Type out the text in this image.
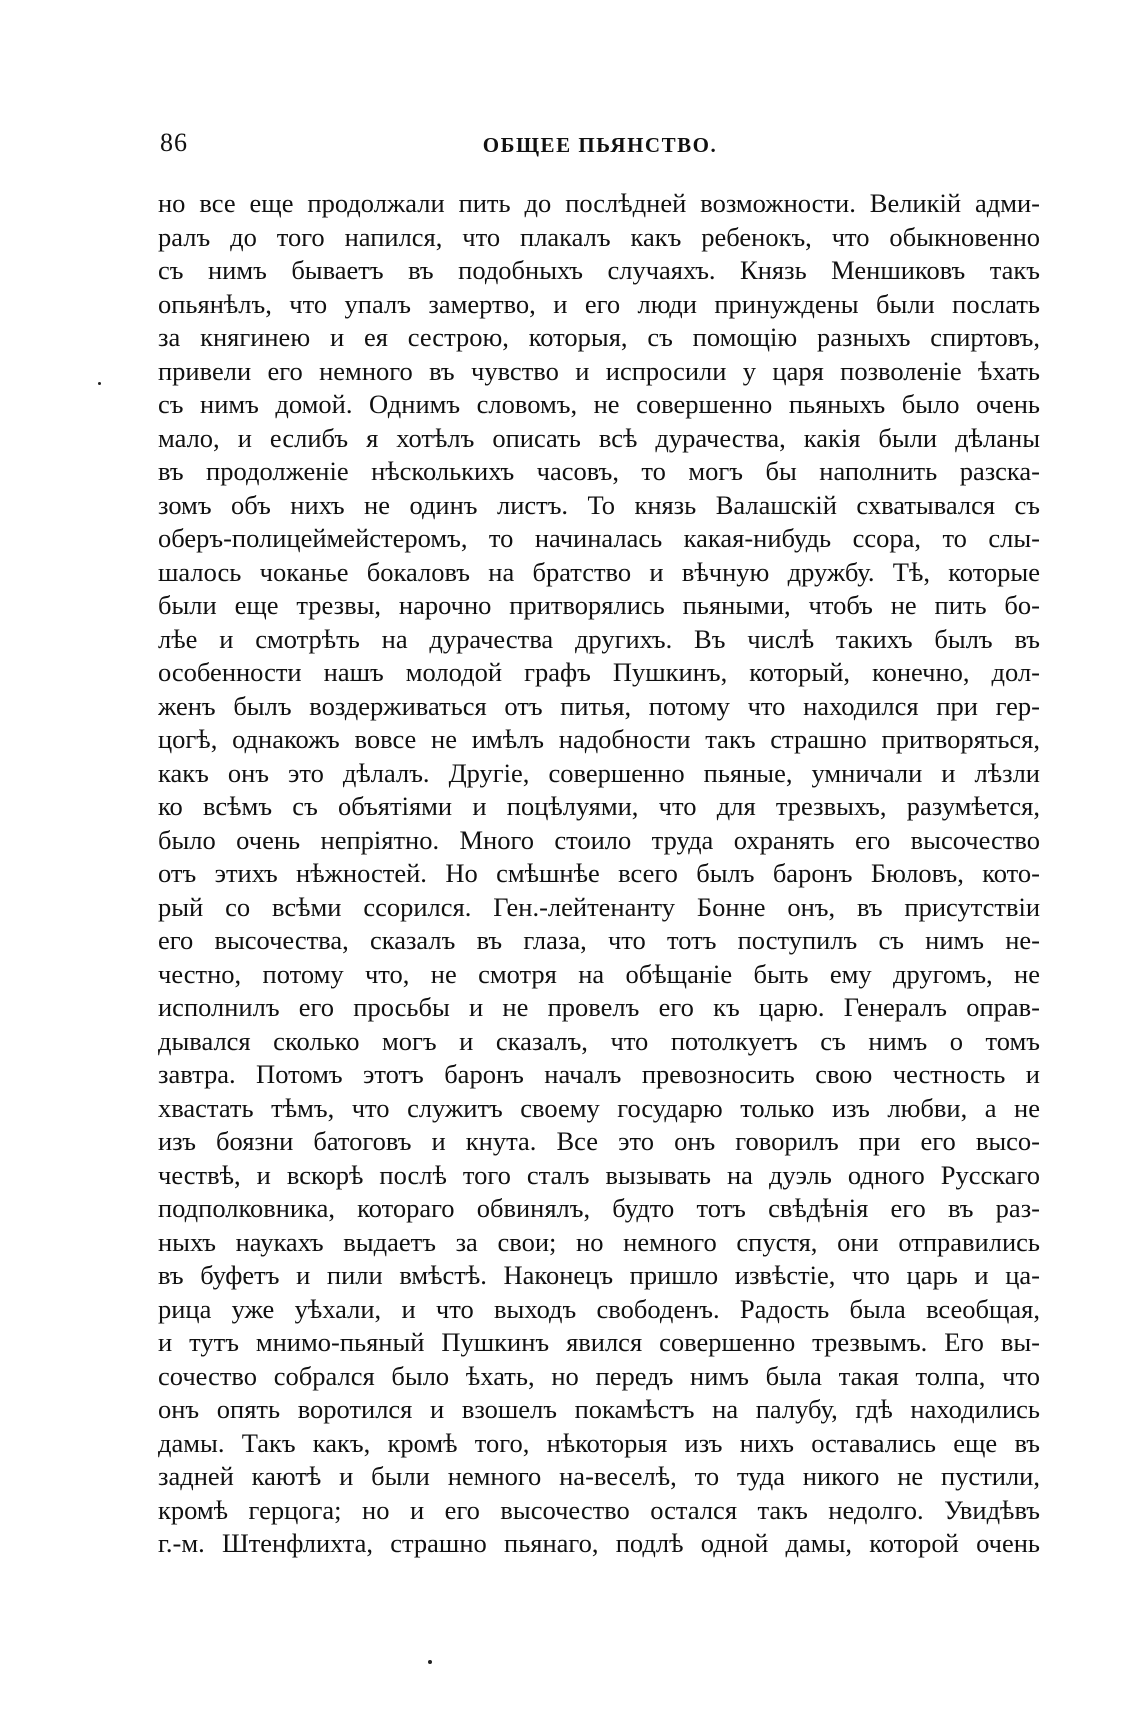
86	ОБЩЕЕ ПЬЯНСТВО.
но все еще продолжали пить до послѣдней возможности. Великій адми-
ралъ до того напился, что плакалъ какъ ребенокъ, что обыкновенно
съ нимъ бываетъ въ подобныхъ случаяхъ. Князь Меншиковъ такъ
опьянѣлъ, что упалъ замертво, и его люди принуждены были послать
за княгинею и ея сестрою, которыя, съ помощію разныхъ спиртовъ,
привели его немного въ чувство и испросили у царя позволеніе ѣхать
съ нимъ домой. Однимъ словомъ, не совершенно пьяныхъ было очень
мало, и еслибъ я хотѣлъ описать всѣ дурачества, какія были дѣланы
въ продолженіе нѣсколькихъ часовъ, то могъ бы наполнить разска-
зомъ объ нихъ не одинъ листъ. То князь Валашскій схватывался съ
оберъ-полицеймейстеромъ, то начиналась какая-нибудь ссора, то слы-
шалось чоканье бокаловъ на братство и вѣчную дружбу. Тѣ, которые
были еще трезвы, нарочно притворялись пьяными, чтобъ не пить бо-
лѣе и смотрѣть на дурачества другихъ. Въ числѣ такихъ былъ въ
особенности нашъ молодой графъ Пушкинъ, который, конечно, дол-
женъ былъ воздерживаться отъ питья, потому что находился при гер-
цогѣ, однакожъ вовсе не имѣлъ надобности такъ страшно притворяться,
какъ онъ это дѣлалъ. Другіе, совершенно пьяные, умничали и лѣзли
ко всѣмъ съ объятіями и поцѣлуями, что для трезвыхъ, разумѣется,
было очень непріятно. Много стоило труда охранять его высочество
отъ этихъ нѣжностей. Но смѣшнѣе всего былъ баронъ Бюловъ, кото-
рый со всѣми ссорился. Ген.-лейтенанту Бонне онъ, въ присутствіи
его высочества, сказалъ въ глаза, что тотъ поступилъ съ нимъ не-
честно, потому что, не смотря на обѣщаніе быть ему другомъ, не
исполнилъ его просьбы и не провелъ его къ царю. Генералъ оправ-
дывался сколько могъ и сказалъ, что потолкуетъ съ нимъ о томъ
завтра. Потомъ этотъ баронъ началъ превозносить свою честность и
хвастать тѣмъ, что служитъ своему государю только изъ любви, а не
изъ боязни батоговъ и кнута. Все это онъ говорилъ при его высо-
чествѣ, и вскорѣ послѣ того сталъ вызывать на дуэль одного Русскаго
подполковника, котораго обвинялъ, будто тотъ свѣдѣнія его въ раз-
ныхъ наукахъ выдаетъ за свои; но немного спустя, они отправились
въ буфетъ и пили вмѣстѣ. Наконецъ пришло извѣстіе, что царь и ца-
рица уже уѣхали, и что выходъ свободенъ. Радость была всеобщая,
и тутъ мнимо-пьяный Пушкинъ явился совершенно трезвымъ. Его вы-
сочество собрался было ѣхать, но передъ нимъ была такая толпа, что
онъ опять воротился и взошелъ покамѣстъ на палубу, гдѣ находились
дамы. Такъ какъ, кромѣ того, нѣкоторыя изъ нихъ оставались еще въ
задней каютѣ и были немного на-веселѣ, то туда никого не пустили,
кромѣ герцога; но и его высочество остался такъ недолго. Увидѣвъ
г.-м. Штенфлихта, страшно пьянаго, подлѣ одной дамы, которой очень
